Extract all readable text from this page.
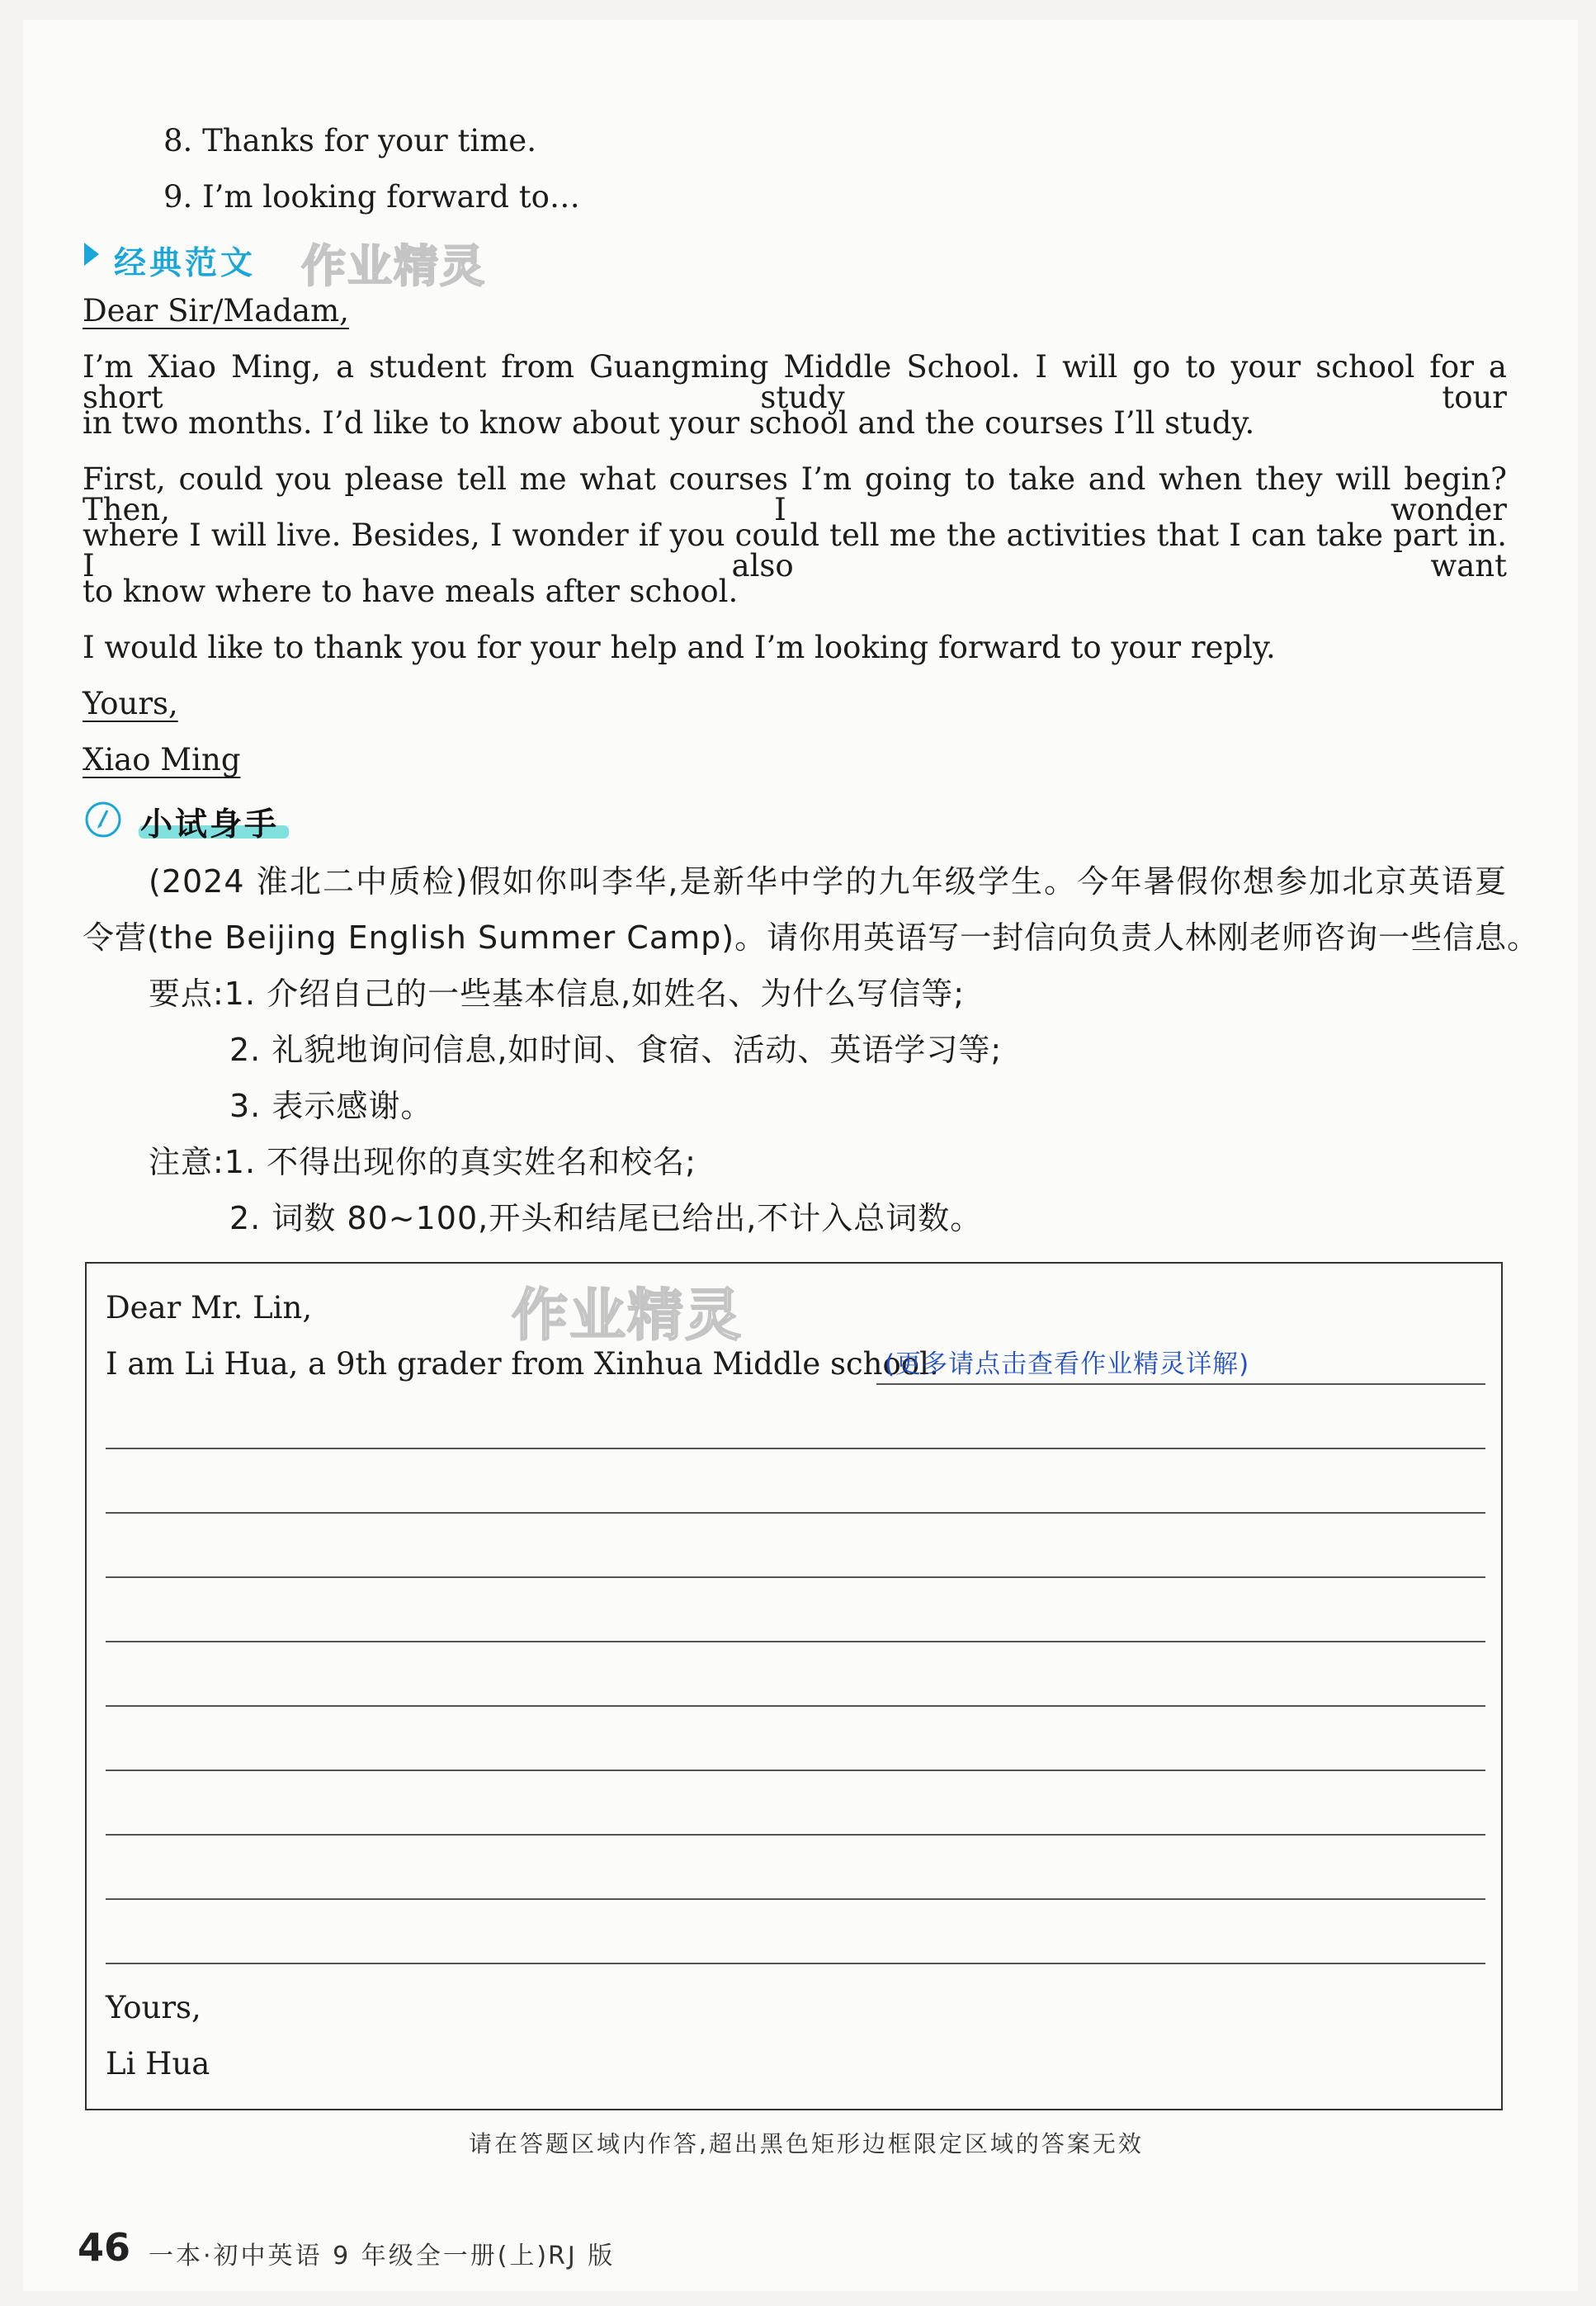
8. Thanks for your time.
9. I’m looking forward to…
经典范文 作业精灵
Dear Sir/Madam,
I’m Xiao Ming, a student from Guangming Middle School. I will go to your school for a short study tour
in two months. I’d like to know about your school and the courses I’ll study.
First, could you please tell me what courses I’m going to take and when they will begin? Then, I wonder
where I will live. Besides, I wonder if you could tell me the activities that I can take part in. I also want
to know where to have meals after school.
I would like to thank you for your help and I’m looking forward to your reply.
Yours,
Xiao Ming
小试身手
(2024 淮北二中质检)假如你叫李华,是新华中学的九年级学生。今年暑假你想参加北京英语夏
令营(the Beijing English Summer Camp)。请你用英语写一封信向负责人林刚老师咨询一些信息。
要点:1. 介绍自己的一些基本信息,如姓名、为什么写信等;
2. 礼貌地询问信息,如时间、食宿、活动、英语学习等;
3. 表示感谢。
注意:1. 不得出现你的真实姓名和校名;
2. 词数 80~100,开头和结尾已给出,不计入总词数。
Dear Mr. Lin,	作业精灵
I am Li Hua, a 9th grader from Xinhua Middle school.
(更多请点击查看作业精灵详解)
Yours,
Li Hua
请在答题区域内作答,超出黑色矩形边框限定区域的答案无效
46 一本·初中英语 9 年级全一册(上)
RJ 版
